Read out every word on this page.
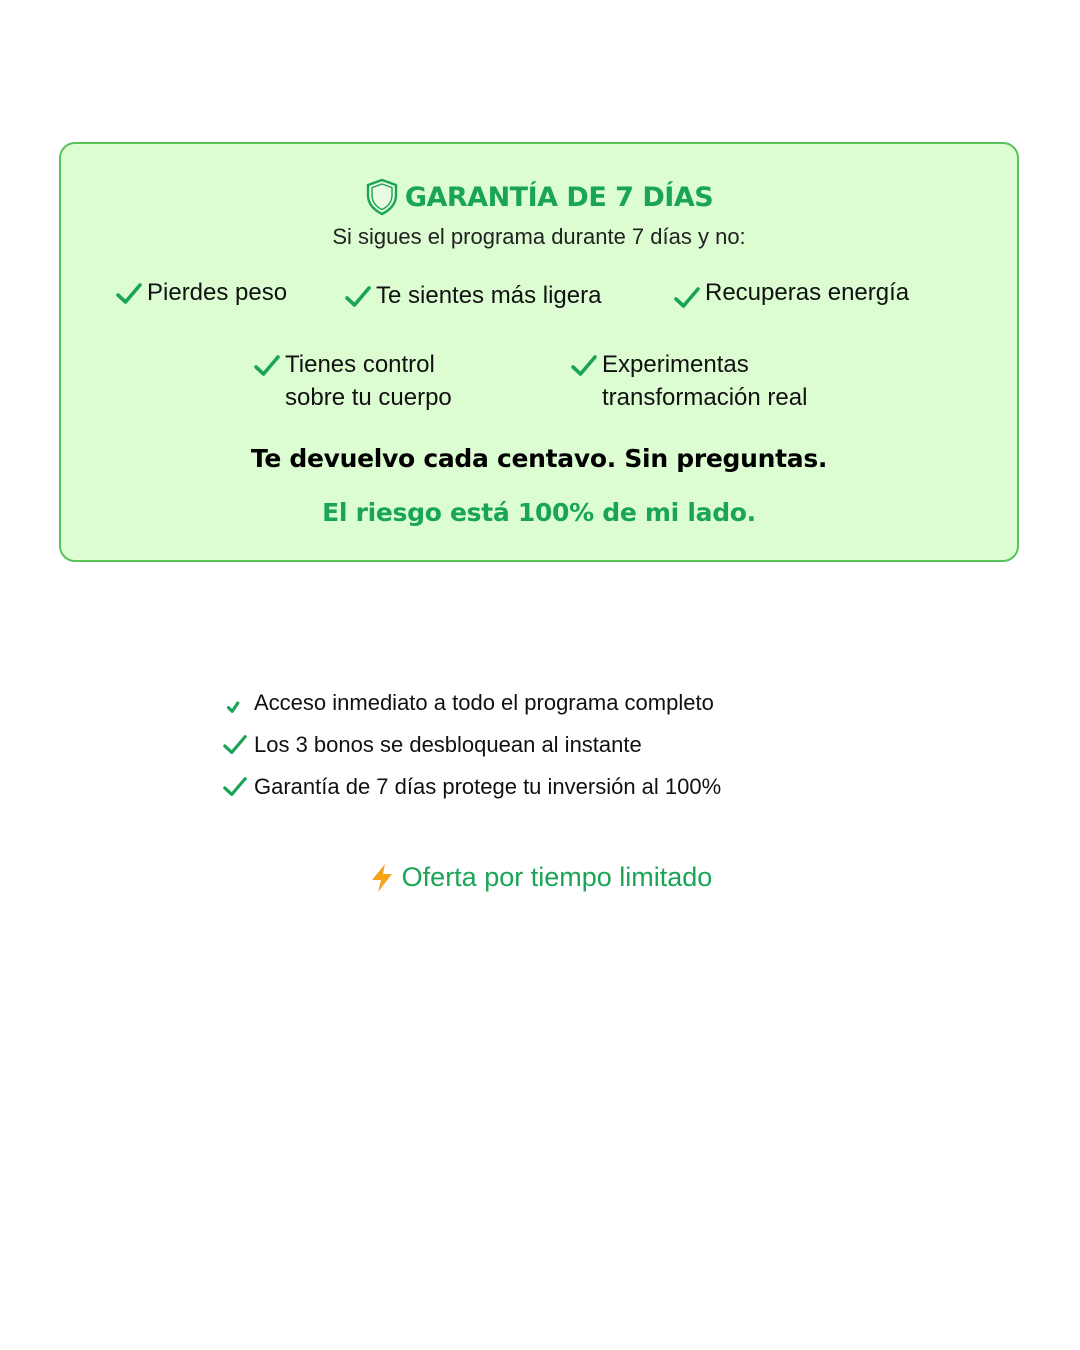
GARANTÍA DE 7 DÍAS
Si sigues el programa durante 7 días y no:
Pierdes peso	Te sientes más ligera	Recuperas energía
Tienes control
sobre tu cuerpo
Experimentas
transformación real
Te devuelvo cada centavo. Sin preguntas.
El riesgo está 100% de mi lado.
Acceso inmediato a todo el programa completo
Los 3 bonos se desbloquean al instante
Garantía de 7 días protege tu inversión al 100%
Oferta por tiempo limitado
